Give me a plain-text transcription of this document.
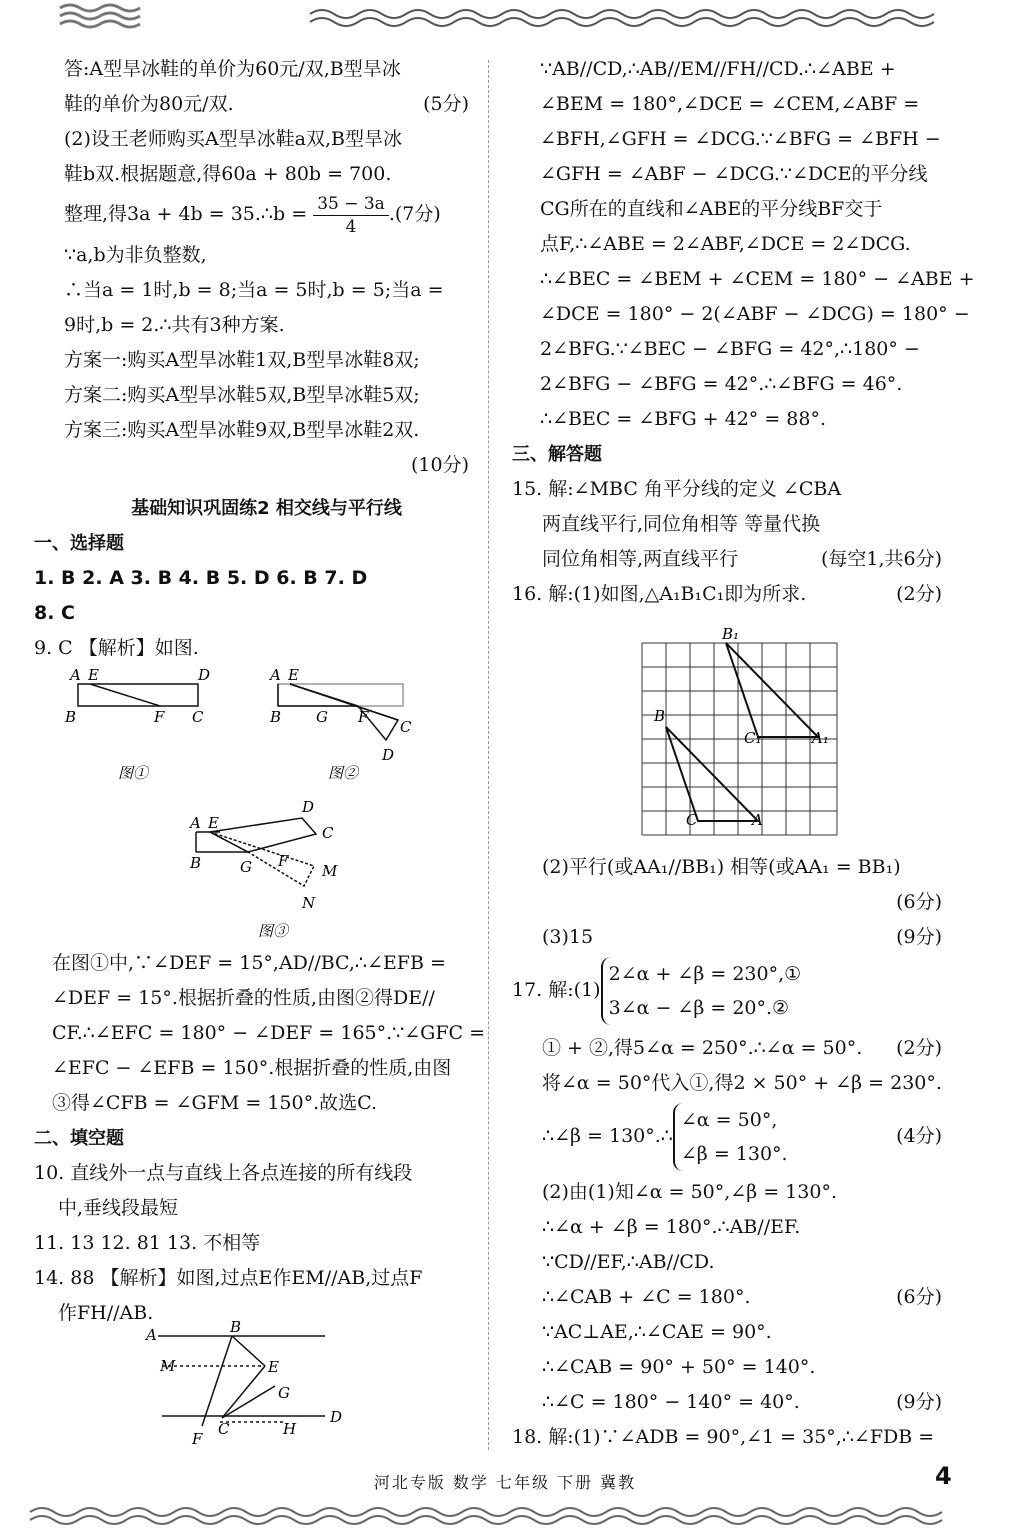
答:A型旱冰鞋的单价为60元/双,B型旱冰

鞋的单价为80元/双.	(5分)

(2)设王老师购买A型旱冰鞋a双,B型旱冰

鞋b双.根据题意,得60a + 80b = 700.

整理,得3a + 4b = 35.∴b = $\frac{35 - 3a}{4} .(7$分)

∵a,b为非负整数,

∴当a = 1时,b = 8;当a = 5时,b = 5;当a =

9时,b = 2.∴共有3种方案.

方案一:购买A型旱冰鞋1双,B型旱冰鞋8双;

方案二:购买A型旱冰鞋5双,B型旱冰鞋5双;

方案三:购买A型旱冰鞋9双,B型旱冰鞋2双.

(10分)

基础知识巩固练2 相交线与平行线

一、选择题

1. B 2. A 3. B 4. B 5. D 6. B 7. D

8. C

9. C 【解析】如图.

A E	D
B	F C
图①
A E
B G F
C
D
图②
A E
D
C
B	G F
M
N
图③

在图①中,∵∠DEF = 15°,AD//BC,∴∠EFB =

∠DEF = 15°.根据折叠的性质,由图②得DE//

CF.∴∠EFC = 180° − ∠DEF = 165°.∵∠GFC =

∠EFC − ∠EFB = 150°.根据折叠的性质,由图

③得∠CFB = ∠GFM = 150°.故选C.

二、填空题

10. 直线外一点与直线上各点连接的所有线段

中,垂线段最短

11. 13 12. 81 13. 不相等

14. 88 【解析】如图,过点E作EM//AB,过点F

作FH//AB.

A	B
M	E
G
D
C
F
H

∵AB//CD,∴AB//EM//FH//CD.∴∠ABE +

∠BEM = 180°,∠DCE = ∠CEM,∠ABF =

∠BFH,∠GFH = ∠DCG.∵∠BFG = ∠BFH −

∠GFH = ∠ABF − ∠DCG.∵∠DCE的平分线

CG所在的直线和∠ABE的平分线BF交于

点F,∴∠ABE = 2∠ABF,∠DCE = 2∠DCG.

∴∠BEC = ∠BEM + ∠CEM = 180° − ∠ABE +

∠DCE = 180° − 2(∠ABF − ∠DCG) = 180° −

2∠BFG.∵∠BEC − ∠BFG = 42°,∴180° −

2∠BFG − ∠BFG = 42°.∴∠BFG = 46°.

∴∠BEC = ∠BFG + 42° = 88°.

三、解答题

15. 解:∠MBC 角平分线的定义 ∠CBA

两直线平行,同位角相等 等量代换

同位角相等,两直线平行	(每空1,共6分)

16. 解:(1)如图,△A₁B₁C₁即为所求.	(2分)

B
C	A
B₁
C₁	A₁

(2)平行(或AA₁//BB₁) 相等(或AA₁ = BB₁)

(6分)

(3)15	(9分)

17. 解:(1)
2∠α + ∠β = 230°,①
3∠α − ∠β = 20°.②

① + ②,得5∠α = 250°.∴∠α = 50°. (2分)

将∠α = 50°代入①,得2 × 50° + ∠β = 230°.

∴∠β = 130°.∴
∠α = 50°,
∠β = 130°.
(4分)

(2)由(1)知∠α = 50°,∠β = 130°.

∴∠α + ∠β = 180°.∴AB//EF.

∵CD//EF,∴AB//CD.

∴∠CAB + ∠C = 180°.	(6分)

∵AC⊥AE,∴∠CAE = 90°.

∴∠CAB = 90° + 50° = 140°.

∴∠C = 180° − 140° = 40°.	(9分)

18. 解:(1)∵∠ADB = 90°,∠1 = 35°,∴∠FDB =

河北专版 数学 七年级 下册 冀教	4
